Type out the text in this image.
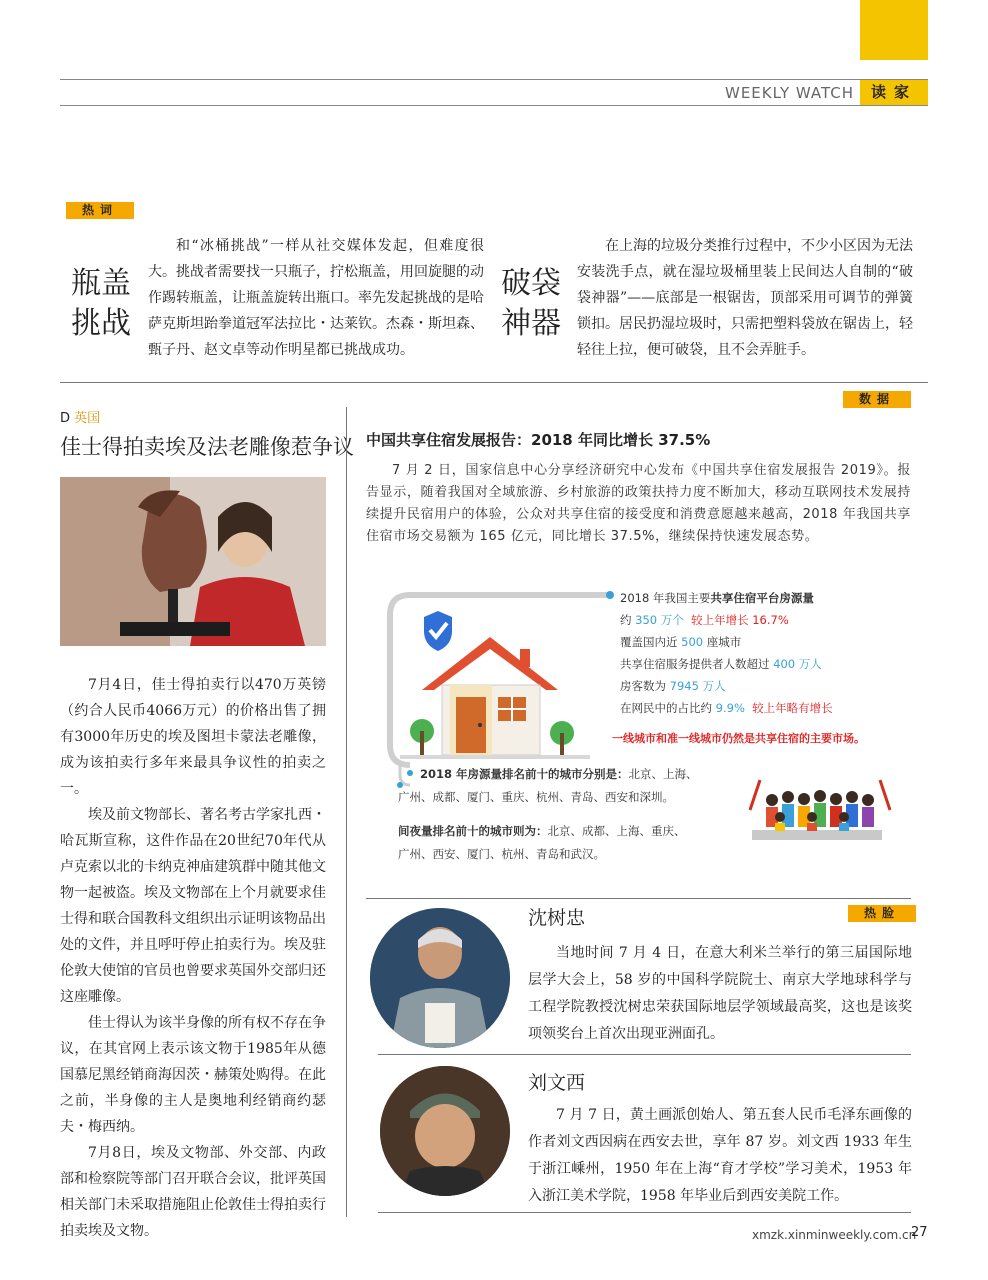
WEEKLY WATCH	读家
热词
瓶盖
挑战

和“冰桶挑战”一样从社交媒体发起，但难度很大。挑战者需要找一只瓶子，拧松瓶盖，用回旋腿的动作踢转瓶盖，让瓶盖旋转出瓶口。率先发起挑战的是哈萨克斯坦跆拳道冠军法拉比・达莱钦。杰森・斯坦森、甄子丹、赵文卓等动作明星都已挑战成功。

破袋
神器

在上海的垃圾分类推行过程中，不少小区因为无法安装洗手点，就在湿垃圾桶里装上民间达人自制的“破袋神器”——底部是一根锯齿，顶部采用可调节的弹簧锁扣。居民扔湿垃圾时，只需把塑料袋放在锯齿上，轻轻往上拉，便可破袋，且不会弄脏手。

D 英国
佳士得拍卖埃及法老雕像惹争议

7月4日，佳士得拍卖行以470万英镑（约合人民币4066万元）的价格出售了拥有3000年历史的埃及图坦卡蒙法老雕像，成为该拍卖行多年来最具争议性的拍卖之一。

埃及前文物部长、著名考古学家扎西・哈瓦斯宣称，这件作品在20世纪70年代从卢克索以北的卡纳克神庙建筑群中随其他文物一起被盗。埃及文物部在上个月就要求佳士得和联合国教科文组织出示证明该物品出处的文件，并且呼吁停止拍卖行为。埃及驻伦敦大使馆的官员也曾要求英国外交部归还这座雕像。

佳士得认为该半身像的所有权不存在争议，在其官网上表示该文物于1985年从德国慕尼黑经销商海因茨・赫策处购得。在此之前，半身像的主人是奥地利经销商约瑟夫・梅西纳。

7月8日，埃及文物部、外交部、内政部和检察院等部门召开联合会议，批评英国相关部门未采取措施阻止伦敦佳士得拍卖行拍卖埃及文物。

数据
中国共享住宿发展报告：2018 年同比增长 37.5%
7 月 2 日，国家信息中心分享经济研究中心发布《中国共享住宿发展报告 2019》。报告显示，随着我国对全域旅游、乡村旅游的政策扶持力度不断加大，移动互联网技术发展持续提升民宿用户的体验，公众对共享住宿的接受度和消费意愿越来越高，2018 年我国共享住宿市场交易额为 165 亿元，同比增长 37.5%，继续保持快速发展态势。
2018 年我国主要共享住宿平台房源量
约 350 万个 较上年增长 16.7%
覆盖国内近 500 座城市
共享住宿服务提供者人数超过 400 万人
房客数为 7945 万人
在网民中的占比约 9.9% 较上年略有增长
一线城市和准一线城市仍然是共享住宿的主要市场。
2018 年房源量排名前十的城市分别是：北京、上海、
广州、成都、厦门、重庆、杭州、青岛、西安和深圳。
间夜量排名前十的城市则为：北京、成都、上海、重庆、
广州、西安、厦门、杭州、青岛和武汉。
热脸
沈树忠

当地时间 7 月 4 日，在意大利米兰举行的第三届国际地层学大会上，58 岁的中国科学院院士、南京大学地球科学与工程学院教授沈树忠荣获国际地层学领域最高奖，这也是该奖项领奖台上首次出现亚洲面孔。

刘文西

7 月 7 日，黄土画派创始人、第五套人民币毛泽东画像的作者刘文西因病在西安去世，享年 87 岁。刘文西 1933 年生于浙江嵊州，1950 年在上海“育才学校”学习美术，1953 年入浙江美术学院，1958 年毕业后到西安美院工作。

xmzk.xinminweekly.com.cn
27
